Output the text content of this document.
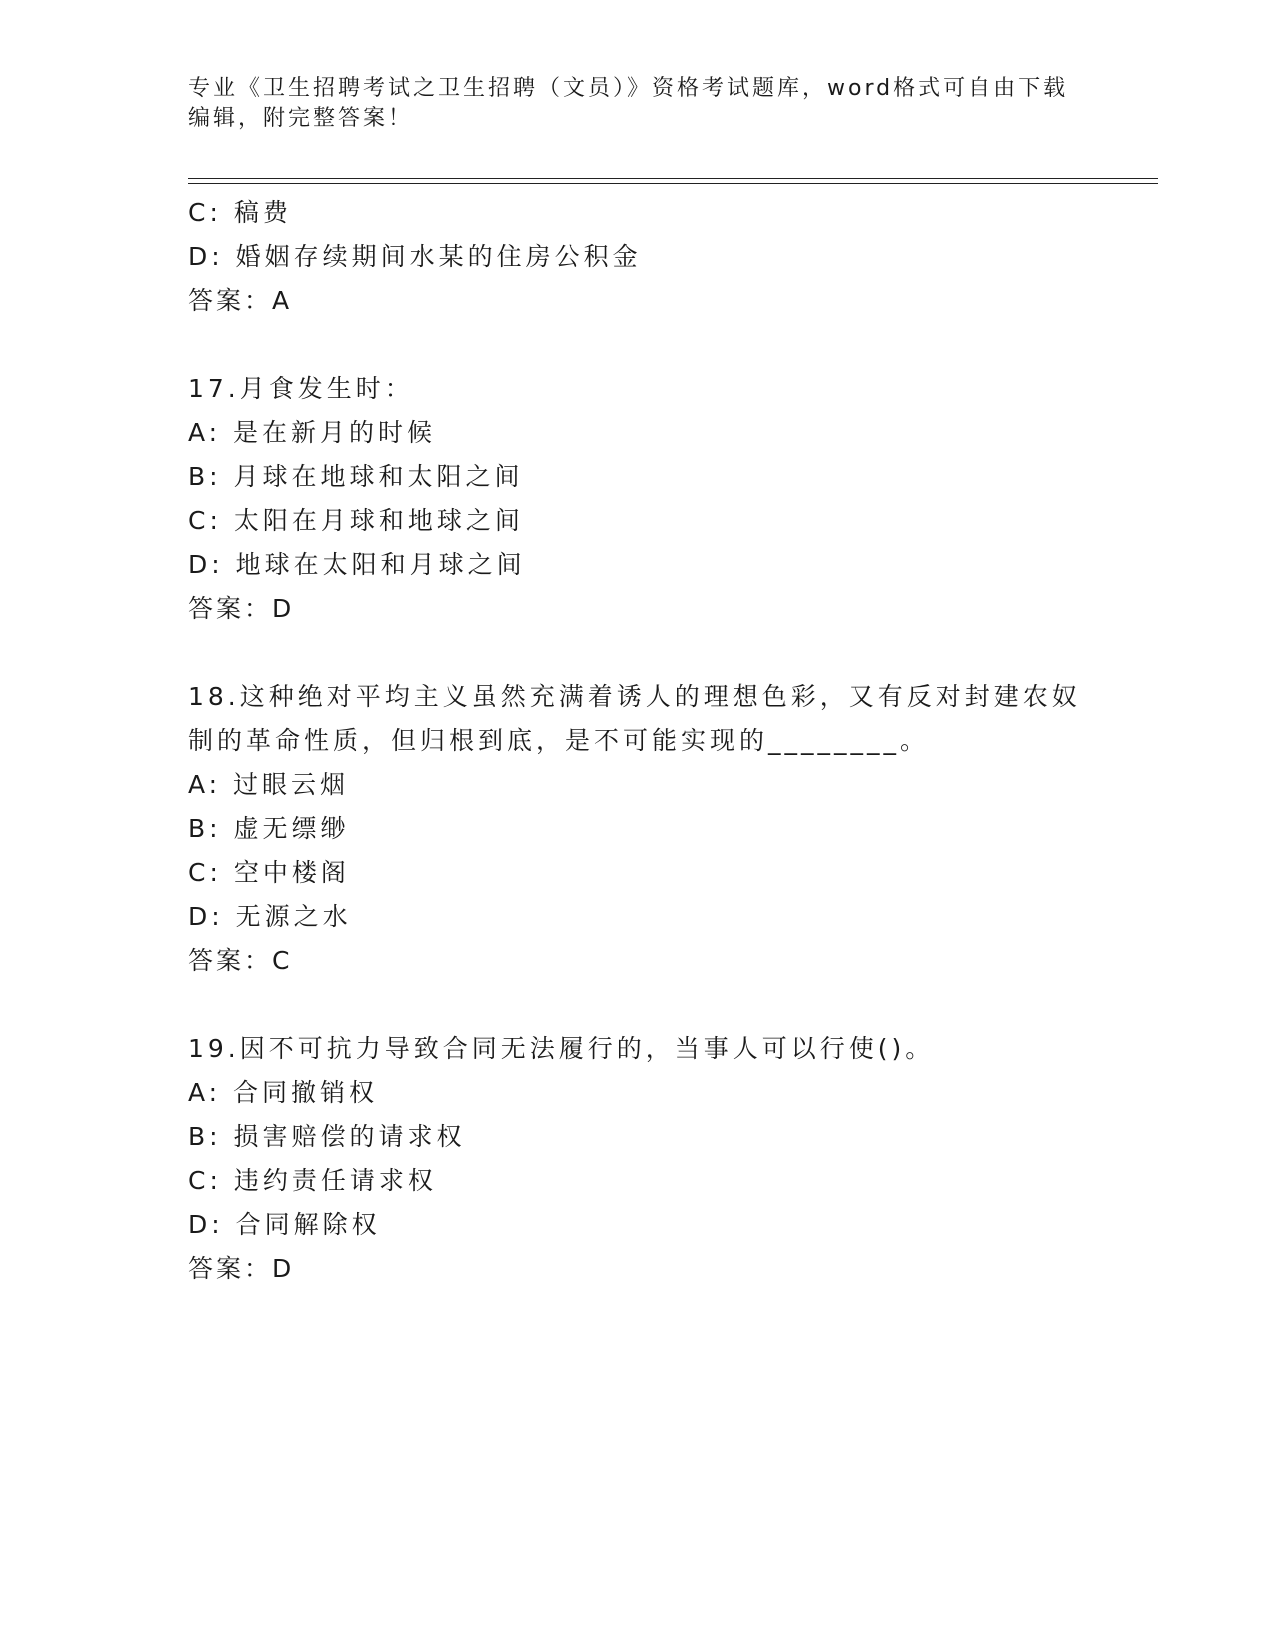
专业《卫生招聘考试之卫生招聘（文员）》资格考试题库，word格式可自由下载
编辑，附完整答案！
C: 稿费
D: 婚姻存续期间水某的住房公积金
答案：A
17.月食发生时：
A: 是在新月的时候
B: 月球在地球和太阳之间
C: 太阳在月球和地球之间
D: 地球在太阳和月球之间
答案：D
18.这种绝对平均主义虽然充满着诱人的理想色彩，又有反对封建农奴
制的革命性质，但归根到底，是不可能实现的________。
A: 过眼云烟
B: 虚无缥缈
C: 空中楼阁
D: 无源之水
答案：C
19.因不可抗力导致合同无法履行的，当事人可以行使()。
A: 合同撤销权
B: 损害赔偿的请求权
C: 违约责任请求权
D: 合同解除权
答案：D
